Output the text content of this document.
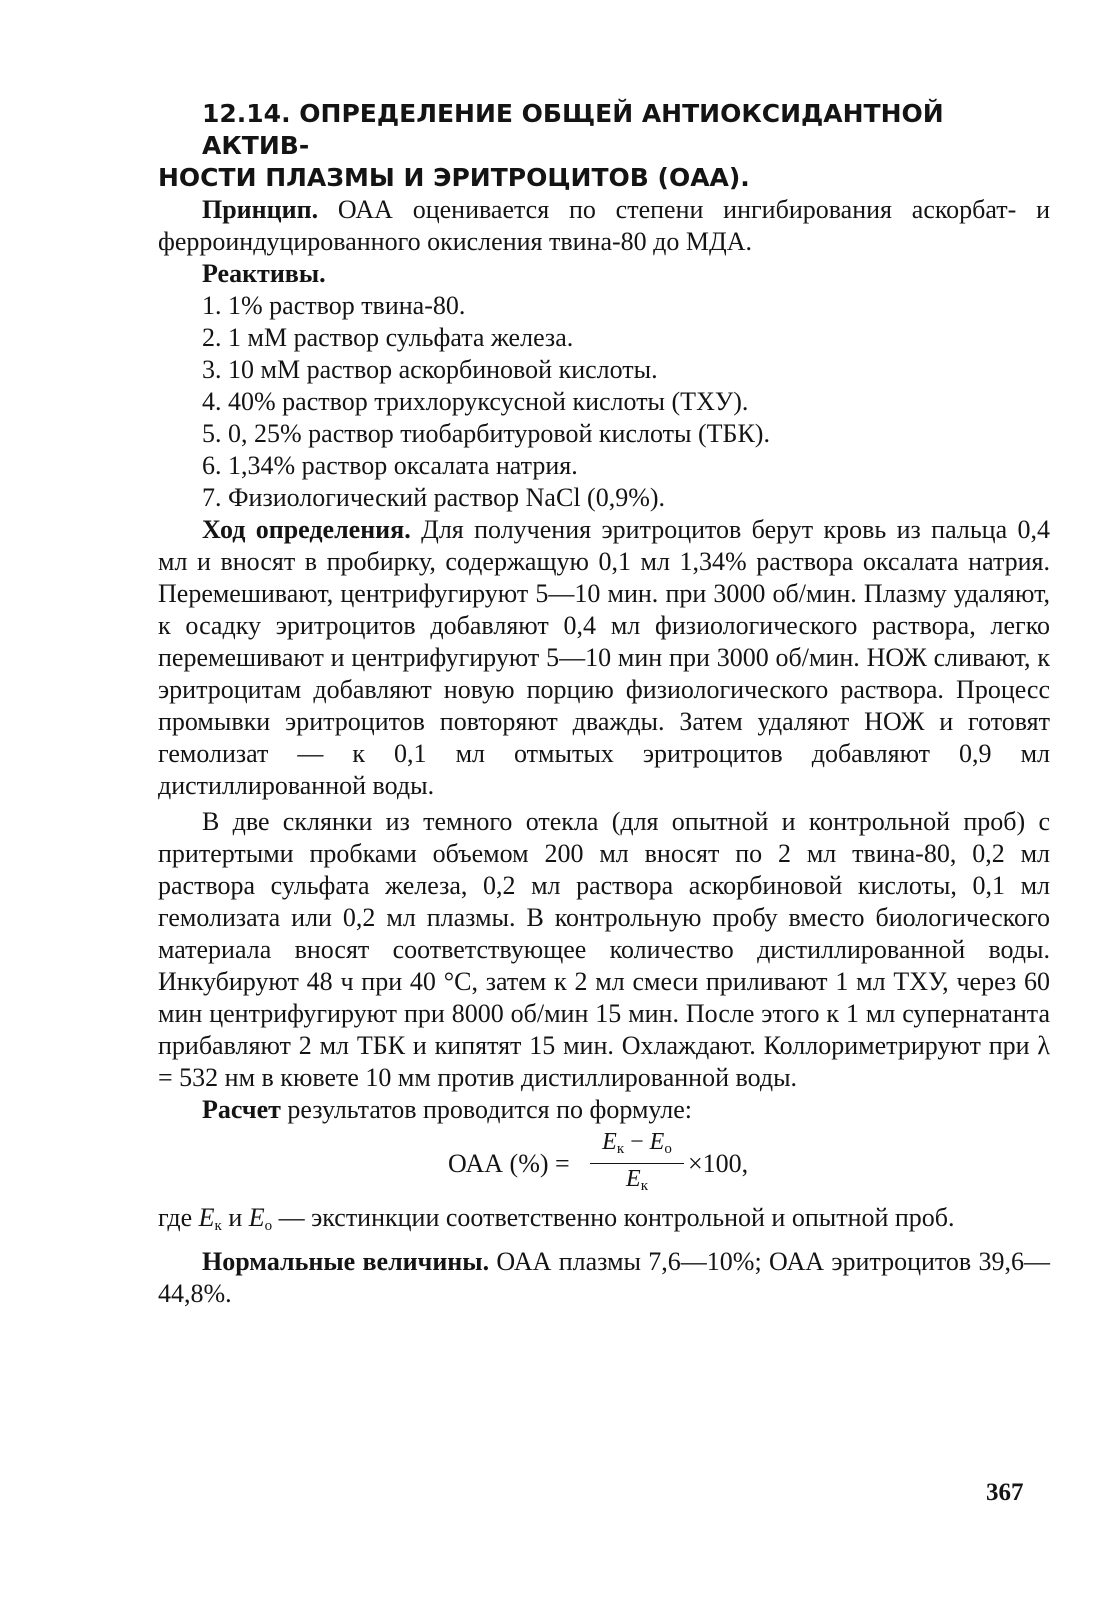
12.14. ОПРЕДЕЛЕНИЕ ОБЩЕЙ АНТИОКСИДАНТНОЙ АКТИВ-
НОСТИ ПЛАЗМЫ И ЭРИТРОЦИТОВ (ОАА).

Принцип. ОАА оценивается по степени ингибирования аскорбат- и ферроиндуцированного окисления твина-80 до МДА.

Реактивы.

1. 1% раствор твина-80.
2. 1 мМ раствор сульфата железа.
3. 10 мМ раствор аскорбиновой кислоты.
4. 40% раствор трихлоруксусной кислоты (ТХУ).
5. 0, 25% раствор тиобарбитуровой кислоты (ТБК).
6. 1,34% раствор оксалата натрия.
7. Физиологический раствор NaCl (0,9%).

Ход определения. Для получения эритроцитов берут кровь из пальца 0,4 мл и вносят в пробирку, содержащую 0,1 мл 1,34% раствора оксалата натрия. Перемешивают, центрифугируют 5—10 мин. при 3000 об/мин. Плазму удаляют, к осадку эритроцитов добавляют 0,4 мл физиологического раствора, легко перемешивают и центрифугируют 5—10 мин при 3000 об/мин. НОЖ сливают, к эритроцитам добавляют новую порцию физиологического раствора. Процесс промывки эритроцитов повторяют дважды. Затем удаляют НОЖ и готовят гемолизат — к 0,1 мл отмытых эритроцитов добавляют 0,9 мл дистиллированной воды.

В две склянки из темного отекла (для опытной и контрольной проб) с притертыми пробками объемом 200 мл вносят по 2 мл твина-80, 0,2 мл раствора сульфата железа, 0,2 мл раствора аскорбиновой кислоты, 0,1 мл гемолизата или 0,2 мл плазмы. В контрольную пробу вместо биологического материала вносят соответствующее количество дистиллированной воды. Инкубируют 48 ч при 40 °С, затем к 2 мл смеси приливают 1 мл ТХУ, через 60 мин центрифугируют при 8000 об/мин 15 мин. После этого к 1 мл супернатанта прибавляют 2 мл ТБК и кипятят 15 мин. Охлаждают. Коллориметрируют при λ = 532 нм в кювете 10 мм против дистиллированной воды.

Расчет результатов проводится по формуле:

ОАА (%) =
$E_к - E_о$
$E_к$
×100,

где $E_к$ и $E_о$ — экстинкции соответственно контрольной и опытной проб.

Нормальные величины. ОАА плазмы 7,6—10%; ОАА эритроцитов 39,6—44,8%.

367
